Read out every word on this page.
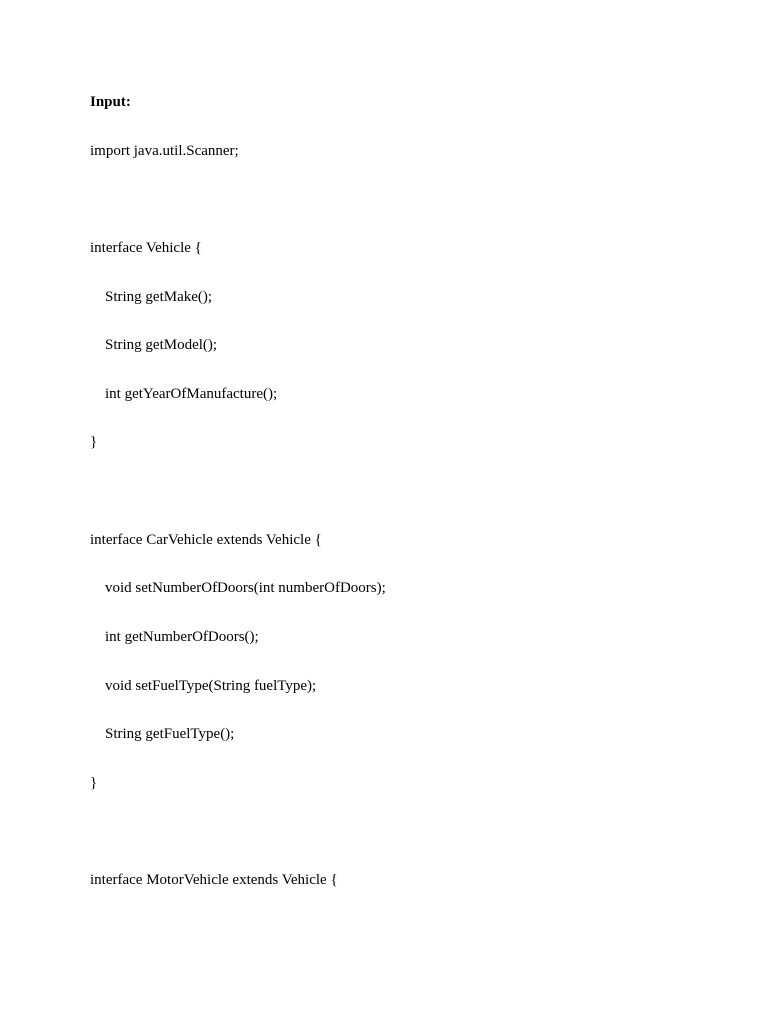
Input:
import java.util.Scanner;
interface Vehicle {
String getMake();
String getModel();
int getYearOfManufacture();
}
interface CarVehicle extends Vehicle {
void setNumberOfDoors(int numberOfDoors);
int getNumberOfDoors();
void setFuelType(String fuelType);
String getFuelType();
}
interface MotorVehicle extends Vehicle {
